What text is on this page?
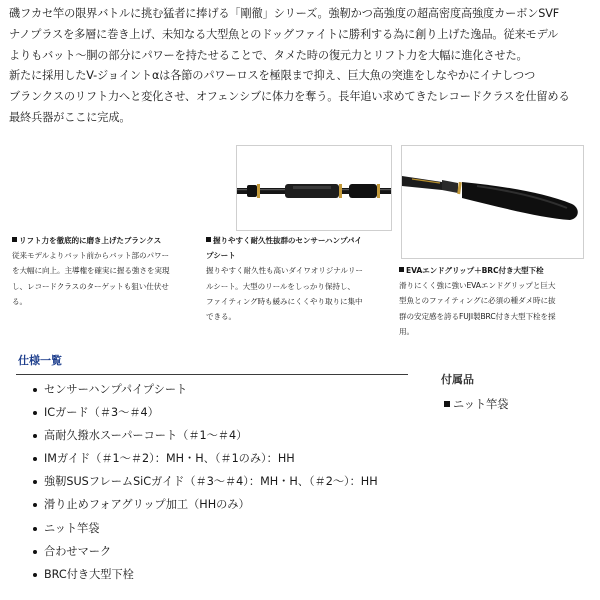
磯フカセ竿の限界バトルに挑む猛者に捧げる「剛徹」シリーズ。強靭かつ高強度の超高密度高強度カーボンSVF
ナノプラスを多層に巻き上げ、未知なる大型魚とのドッグファイトに勝利する為に創り上げた逸品。従来モデル
よりもバット～胴の部分にパワーを持たせることで、タメた時の復元力とリフト力を大幅に進化させた。
新たに採用したV-ジョイントαは各節のパワーロスを極限まで抑え、巨大魚の突進をしなやかにイナしつつ
ブランクスのリフト力へと変化させ、オフェンシブに体力を奪う。長年追い求めてきたレコードクラスを仕留める
最終兵器がここに完成。
リフト力を徹底的に磨き上げたブランクス
従来モデルよりバット前からバット部のパワー
を大幅に向上。主導権を確実に握る強さを実現
し、レコードクラスのターゲットも狙い仕伏せ
る。
握りやすく耐久性抜群のセンサーハンプパイ
プシート
握りやすく耐久性も高いダイワオリジナルリー
ルシート。大型のリールをしっかり保持し、
ファイティング時も緩みにくくやり取りに集中
できる。
EVAエンドグリップ＋BRC付き大型下栓
滑りにくく強に強いEVAエンドグリップと巨大
型魚とのファイティングに必須の種ダメ時に抜
群の安定感を誇るFUJI製BRC付き大型下栓を採
用。
仕様一覧
センサーハンプパイプシート
ICガード（＃3～＃4）
高耐久撥水スーパーコート（＃1～＃4）
IMガイド（＃1～＃2）：MH・H、（＃1のみ）：HH
強靭SUSフレームSiCガイド（＃3～＃4）：MH・H、（＃2～）：HH
滑り止めフォアグリップ加工（HHのみ）
ニット竿袋
合わせマーク
BRC付き大型下栓
付属品
ニット竿袋
